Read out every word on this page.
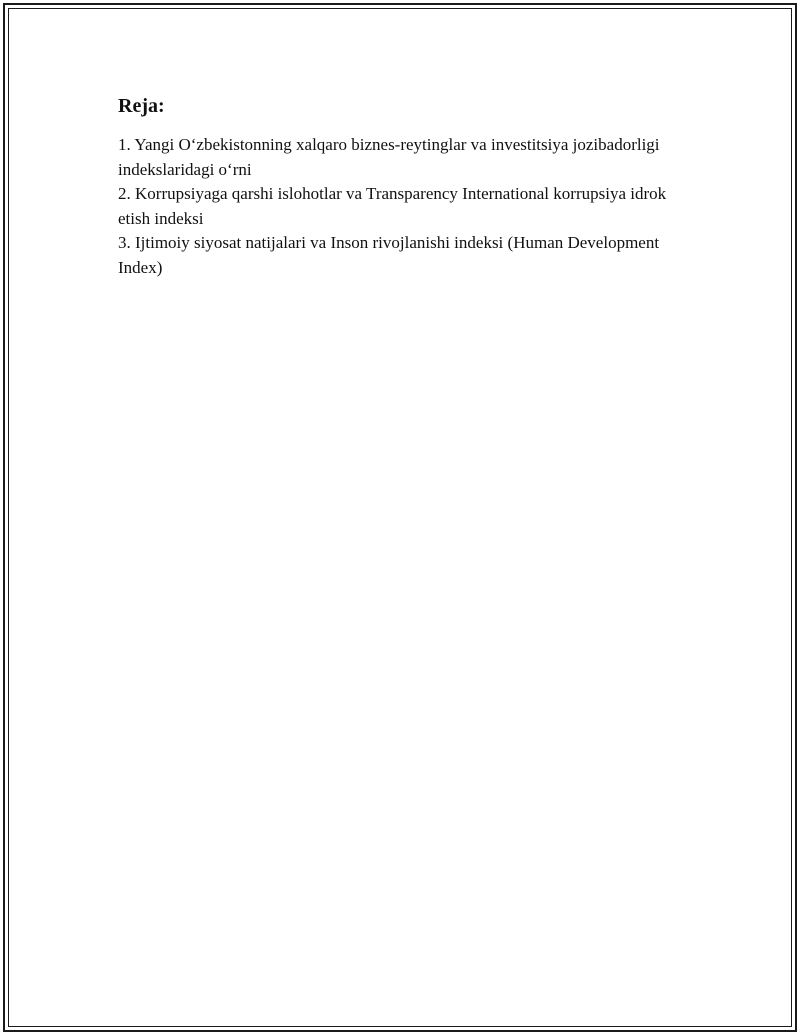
Reja:
1. Yangi O‘zbekistonning xalqaro biznes-reytinglar va investitsiya jozibadorligi indekslaridagi o‘rni
2. Korrupsiyaga qarshi islohotlar va Transparency International korrupsiya idrok etish indeksi
3. Ijtimoiy siyosat natijalari va Inson rivojlanishi indeksi (Human Development Index)
